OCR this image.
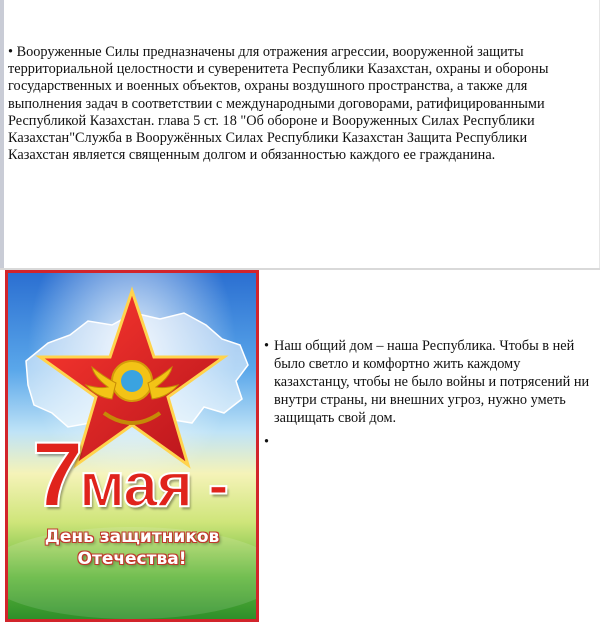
• Вооруженные Силы предназначены для отражения агрессии, вооруженной защиты территориальной целостности и суверенитета Республики Казахстан, охраны и обороны государственных и военных объектов, охраны воздушного пространства, а также для выполнения задач в соответствии с международными договорами, ратифицированными Республикой Казахстан. глава 5 ст. 18 "Об обороне и Вооруженных Силах Республики Казахстан"Служба в Вооружённых Силах Республики Казахстан Защита Республики Казахстан является священным долгом и обязанностью каждого ее гражданина.
7мая -
День защитников
Отечества!
• Наш общий дом – наша Республика. Чтобы в ней было светло и комфортно жить каждому казахстанцу, чтобы не было войны и потрясений ни внутри страны, ни внешних угроз, нужно уметь защищать свой дом.
•
